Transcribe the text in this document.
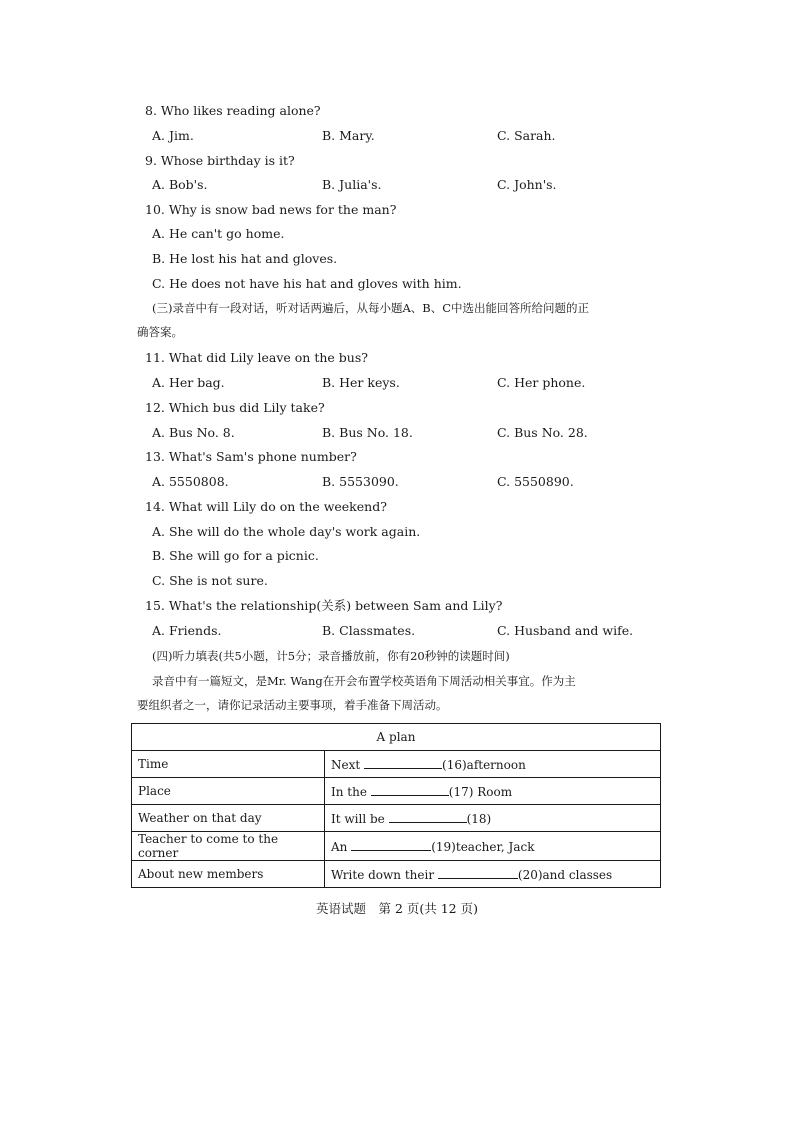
8. Who likes reading alone?
A. Jim.	B. Mary.	C. Sarah.
9. Whose birthday is it?
A. Bob's.	B. Julia's.	C. John's.
10. Why is snow bad news for the man?
A. He can't go home.
B. He lost his hat and gloves.
C. He does not have his hat and gloves with him.
(三)录音中有一段对话，听对话两遍后，从每小题A、B、C中选出能回答所给问题的正
确答案。
11. What did Lily leave on the bus?
A. Her bag.	B. Her keys.	C. Her phone.
12. Which bus did Lily take?
A. Bus No. 8.	B. Bus No. 18.	C. Bus No. 28.
13. What's Sam's phone number?
A. 5550808.	B. 5553090.	C. 5550890.
14. What will Lily do on the weekend?
A. She will do the whole day's work again.
B. She will go for a picnic.
C. She is not sure.
15. What's the relationship(关系) between Sam and Lily?
A. Friends.	B. Classmates.	C. Husband and wife.
(四)听力填表(共5小题，计5分；录音播放前，你有20秒钟的读题时间)
录音中有一篇短文，是Mr. Wang在开会布置学校英语角下周活动相关事宜。作为主
要组织者之一，请你记录活动主要事项，着手准备下周活动。
A plan	
Time	Next (16)afternoon
Place	In the (17) Room
Weather on that day	It will be (18)
Teacher to come to the corner	An (19)teacher, Jack
About new members	Write down their (20)and classes
英语试题　第 2 页(共 12 页)
